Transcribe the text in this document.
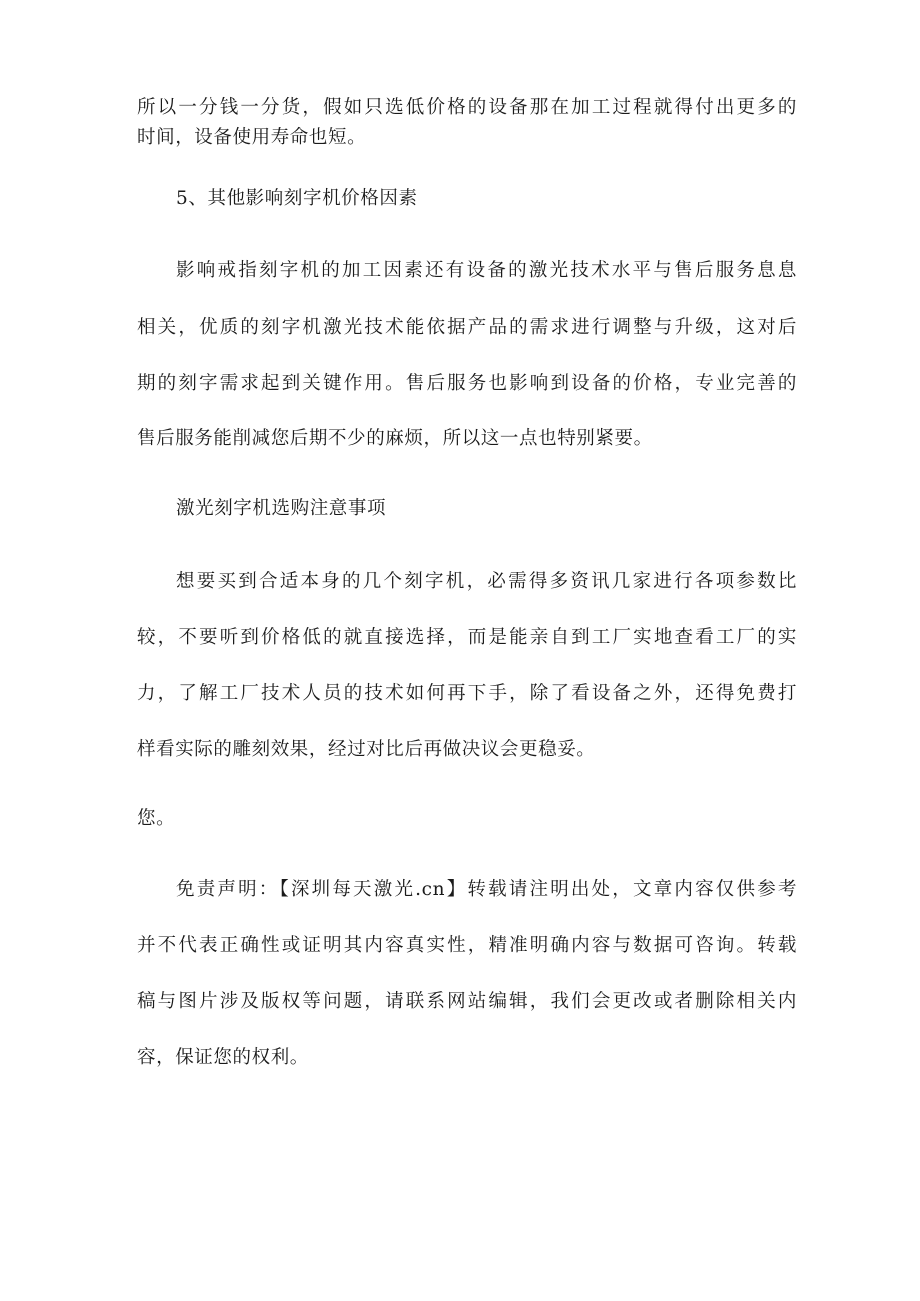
所以一分钱一分货，假如只选低价格的设备那在加工过程就得付出更多的
时间，设备使用寿命也短。
5、其他影响刻字机价格因素
影响戒指刻字机的加工因素还有设备的激光技术水平与售后服务息息
相关，优质的刻字机激光技术能依据产品的需求进行调整与升级，这对后
期的刻字需求起到关键作用。售后服务也影响到设备的价格，专业完善的
售后服务能削减您后期不少的麻烦，所以这一点也特别紧要。
激光刻字机选购注意事项
想要买到合适本身的几个刻字机，必需得多资讯几家进行各项参数比
较，不要听到价格低的就直接选择，而是能亲自到工厂实地查看工厂的实
力，了解工厂技术人员的技术如何再下手，除了看设备之外，还得免费打
样看实际的雕刻效果，经过对比后再做决议会更稳妥。
您。
免责声明：【深圳每天激光.cn】转载请注明出处，文章内容仅供参考
并不代表正确性或证明其内容真实性，精准明确内容与数据可咨询。转载
稿与图片涉及版权等问题，请联系网站编辑，我们会更改或者删除相关内
容，保证您的权利。
